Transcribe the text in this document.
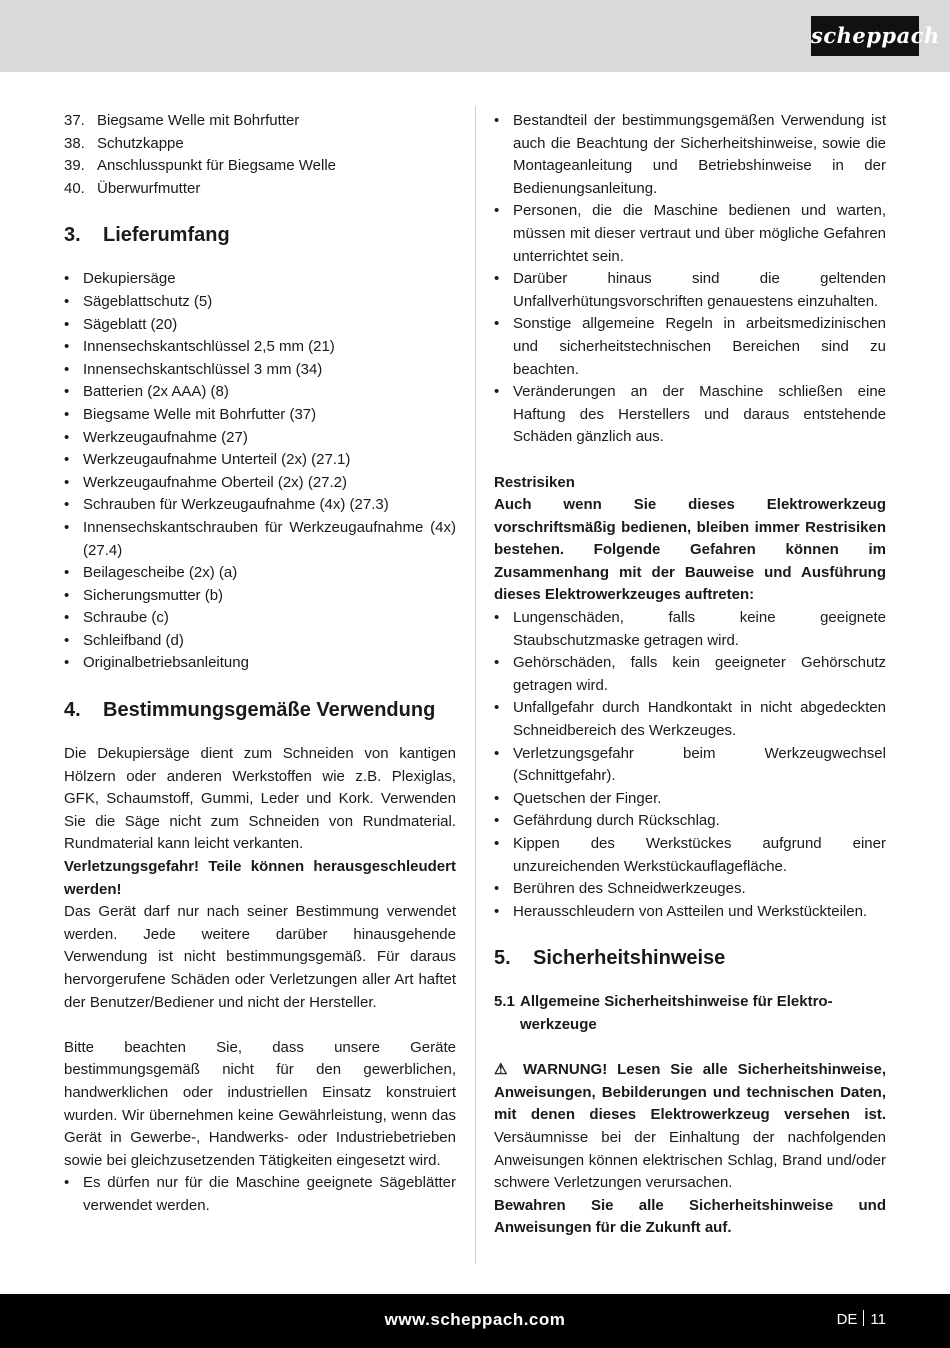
scheppach
37. Biegsame Welle mit Bohrfutter
38. Schutzkappe
39. Anschlusspunkt für Biegsame Welle
40. Überwurfmutter
3.	Lieferumfang
• Dekupiersäge
• Sägeblattschutz (5)
• Sägeblatt (20)
• Innensechskantschlüssel 2,5 mm (21)
• Innensechskantschlüssel 3 mm (34)
• Batterien (2x AAA) (8)
• Biegsame Welle mit Bohrfutter (37)
• Werkzeugaufnahme (27)
• Werkzeugaufnahme Unterteil (2x) (27.1)
• Werkzeugaufnahme Oberteil (2x) (27.2)
• Schrauben für Werkzeugaufnahme (4x) (27.3)
• Innensechskantschrauben für Werkzeugaufnahme (4x) (27.4)
• Beilagescheibe (2x) (a)
• Sicherungsmutter (b)
• Schraube (c)
• Schleifband (d)
• Originalbetriebsanleitung
4.	Bestimmungsgemäße Verwendung

Die Dekupiersäge dient zum Schneiden von kantigen Hölzern oder anderen Werkstoffen wie z.B. Plexiglas, GFK, Schaumstoff, Gummi, Leder und Kork. Verwenden Sie die Säge nicht zum Schneiden von Rundmaterial. Rundmaterial kann leicht verkanten.
Verletzungsgefahr! Teile können herausgeschleudert werden!
Das Gerät darf nur nach seiner Bestimmung verwendet werden. Jede weitere darüber hinausgehende Verwendung ist nicht bestimmungsgemäß. Für daraus hervorgerufene Schäden oder Verletzungen aller Art haftet der Benutzer/Bediener und nicht der Hersteller.

Bitte beachten Sie, dass unsere Geräte bestimmungsgemäß nicht für den gewerblichen, handwerklichen oder industriellen Einsatz konstruiert wurden. Wir übernehmen keine Gewährleistung, wenn das Gerät in Gewerbe-, Handwerks- oder Industriebetrieben sowie bei gleichzusetzenden Tätigkeiten eingesetzt wird.

• Es dürfen nur für die Maschine geeignete Sägeblätter verwendet werden.
• Bestandteil der bestimmungsgemäßen Verwendung ist auch die Beachtung der Sicherheitshinweise, sowie die Montageanleitung und Betriebshinweise in der Bedienungsanleitung.
• Personen, die die Maschine bedienen und warten, müssen mit dieser vertraut und über mögliche Gefahren unterrichtet sein.
• Darüber hinaus sind die geltenden Unfallverhütungsvorschriften genauestens einzuhalten.
• Sonstige allgemeine Regeln in arbeitsmedizinischen und sicherheitstechnischen Bereichen sind zu beachten.
• Veränderungen an der Maschine schließen eine Haftung des Herstellers und daraus entstehende Schäden gänzlich aus.
Restrisiken

Auch wenn Sie dieses Elektrowerkzeug vorschriftsmäßig bedienen, bleiben immer Restrisiken bestehen. Folgende Gefahren können im Zusammenhang mit der Bauweise und Ausführung dieses Elektrowerkzeuges auftreten:

• Lungenschäden, falls keine geeignete Staubschutzmaske getragen wird.
• Gehörschäden, falls kein geeigneter Gehörschutz getragen wird.
• Unfallgefahr durch Handkontakt in nicht abgedeckten Schneidbereich des Werkzeuges.
• Verletzungsgefahr beim Werkzeugwechsel (Schnittgefahr).
• Quetschen der Finger.
• Gefährdung durch Rückschlag.
• Kippen des Werkstückes aufgrund einer unzureichenden Werkstückauflagefläche.
• Berühren des Schneidwerkzeuges.
• Herausschleudern von Astteilen und Werkstückteilen.
5.	Sicherheitshinweise
5.1 Allgemeine Sicherheitshinweise für Elektro-
werkzeuge

⚠ WARNUNG! Lesen Sie alle Sicherheitshinweise, Anweisungen, Bebilderungen und technischen Daten, mit denen dieses Elektrowerkzeug versehen ist. Versäumnisse bei der Einhaltung der nachfolgenden Anweisungen können elektrischen Schlag, Brand und/oder schwere Verletzungen verursachen.
Bewahren Sie alle Sicherheitshinweise und Anweisungen für die Zukunft auf.

www.scheppach.com	DE 11
